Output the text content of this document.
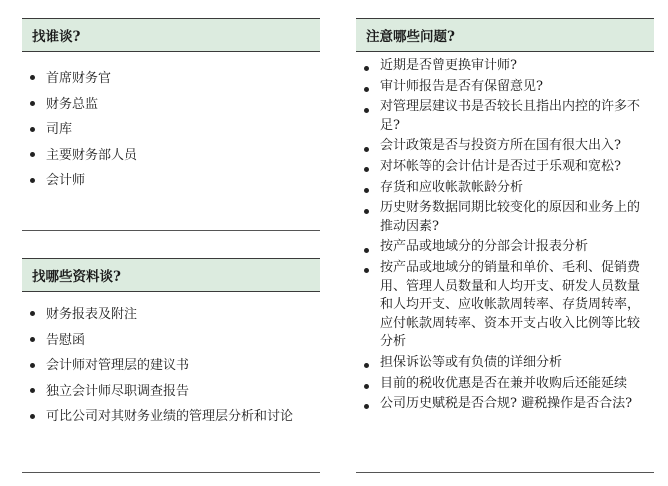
找谁谈?
首席财务官
财务总监
司库
主要财务部人员
会计师
找哪些资料谈?
财务报表及附注
告慰函
会计师对管理层的建议书
独立会计师尽职调查报告
可比公司对其财务业绩的管理层分析和讨论
注意哪些问题?
近期是否曾更换审计师?
审计师报告是否有保留意见?
对管理层建议书是否较长且指出内控的许多不足?
会计政策是否与投资方所在国有很大出入?
对坏帐等的会计估计是否过于乐观和宽松?
存货和应收帐款帐龄分析
历史财务数据同期比较变化的原因和业务上的推动因素?
按产品或地域分的分部会计报表分析
按产品或地域分的销量和单价、毛利、促销费用、管理人员数量和人均开支、研发人员数量和人均开支、应收帐款周转率、存货周转率，应付帐款周转率、资本开支占收入比例等比较分析
担保诉讼等或有负债的详细分析
目前的税收优惠是否在兼并收购后还能延续
公司历史赋税是否合规? 避税操作是否合法?
